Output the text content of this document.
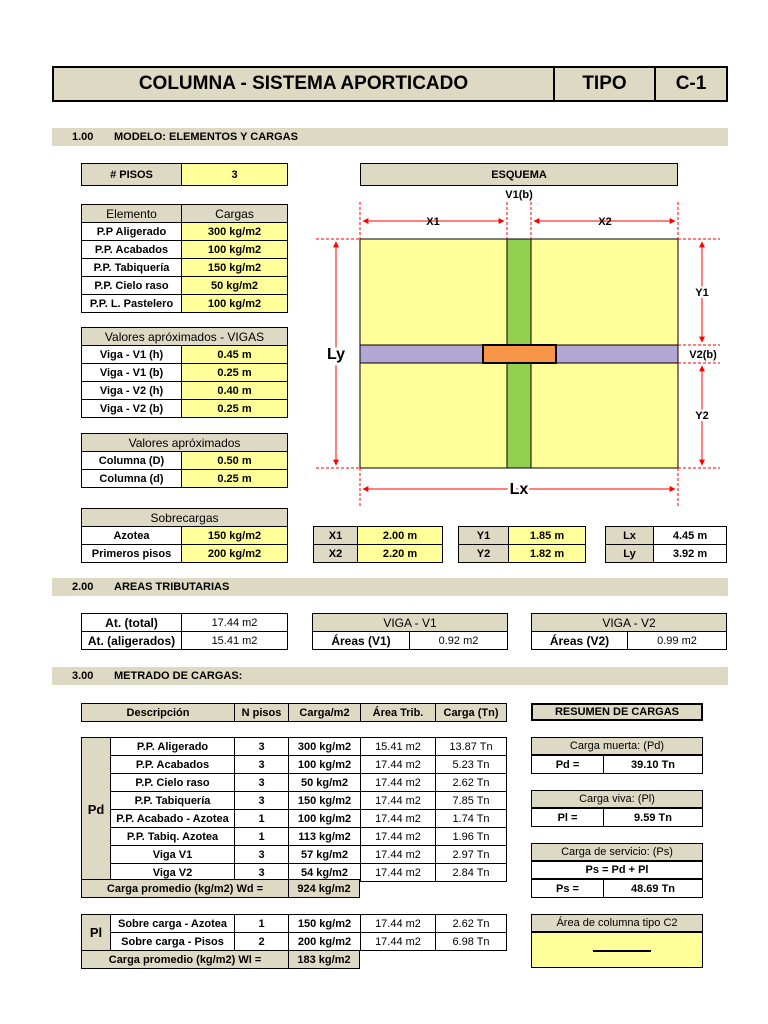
COLUMNA - SISTEMA APORTICADO	TIPO	C-1
1.00	MODELO: ELEMENTOS Y CARGAS
# PISOS	3
Elemento	Cargas
P.P Aligerado	300 kg/m2
P.P. Acabados	100 kg/m2
P.P. Tabiquería	150 kg/m2
P.P. Cielo raso	50 kg/m2
P.P. L. Pastelero	100 kg/m2
Valores apróximados - VIGAS	
Viga - V1 (h)	0.45 m
Viga - V1 (b)	0.25 m
Viga - V2 (h)	0.40 m
Viga - V2 (b)	0.25 m
Valores apróximados	
Columna (D)	0.50 m
Columna (d)	0.25 m
Sobrecargas	
Azotea	150 kg/m2
Primeros pisos	200 kg/m2
ESQUEMA
V1(b)
X1	X2
Ly
Y1
V2(b)
Y2
Lx
X1	2.00 m
X2	2.20 m
Y1	1.85 m
Y2	1.82 m
Lx	4.45 m
Ly	3.92 m
2.00	AREAS TRIBUTARIAS
At. (total)	17.44 m2
At. (aligerados)	15.41 m2
VIGA - V1
Áreas (V1)	0.92 m2
VIGA - V2
Áreas (V2)	0.99 m2
3.00	METRADO DE CARGAS:
Descripción	N pisos	Carga/m2	Área Trib.	Carga (Tn)
Pd	P.P. Aligerado	3	300 kg/m2	15.41 m2	13.87 Tn
	P.P. Acabados	3	100 kg/m2	17.44 m2	5.23 Tn
	P.P. Cielo raso	3	50 kg/m2	17.44 m2	2.62 Tn
	P.P. Tabiquería	3	150 kg/m2	17.44 m2	7.85 Tn
	P.P. Acabado - Azotea	1	100 kg/m2	17.44 m2	1.74 Tn
	P.P. Tabiq. Azotea	1	113 kg/m2	17.44 m2	1.96 Tn
	Viga V1	3	57 kg/m2	17.44 m2	2.97 Tn
	Viga V2	3	54 kg/m2	17.44 m2	2.84 Tn
Carga promedio (kg/m2) Wd =	924 kg/m2
Pl	Sobre carga - Azotea	1	150 kg/m2	17.44 m2	2.62 Tn
	Sobre carga - Pisos	2	200 kg/m2	17.44 m2	6.98 Tn
Carga promedio (kg/m2) Wl =	183 kg/m2
RESUMEN DE CARGAS
Carga muerta: (Pd)
Pd =	39.10 Tn
Carga viva: (Pl)
Pl =	9.59 Tn
Carga de servicio: (Ps)
Ps = Pd + Pl
Ps =	48.69 Tn
Área de columna tipo C2
